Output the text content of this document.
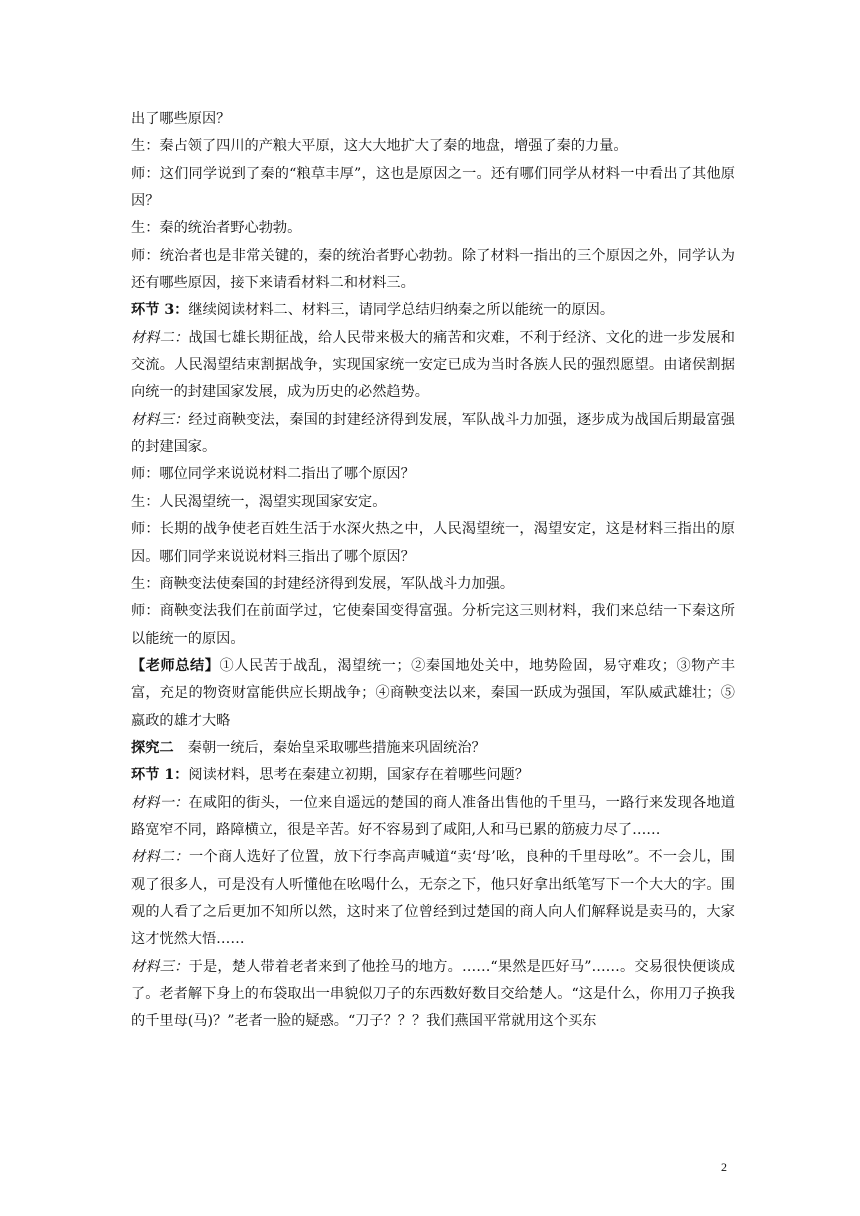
出了哪些原因？

生：秦占领了四川的产粮大平原，这大大地扩大了秦的地盘，增强了秦的力量。

师：这们同学说到了秦的“粮草丰厚”，这也是原因之一。还有哪们同学从材料一中看出了其他原因？

生：秦的统治者野心勃勃。

师：统治者也是非常关键的，秦的统治者野心勃勃。除了材料一指出的三个原因之外，同学认为还有哪些原因，接下来请看材料二和材料三。

环节 3：继续阅读材料二、材料三，请同学总结归纳秦之所以能统一的原因。

材料二：战国七雄长期征战，给人民带来极大的痛苦和灾难，不利于经济、文化的进一步发展和交流。人民渴望结束割据战争，实现国家统一安定已成为当时各族人民的强烈愿望。由诸侯割据向统一的封建国家发展，成为历史的必然趋势。

材料三：经过商鞅变法，秦国的封建经济得到发展，军队战斗力加强，逐步成为战国后期最富强的封建国家。

师：哪位同学来说说材料二指出了哪个原因？

生：人民渴望统一，渴望实现国家安定。

师：长期的战争使老百姓生活于水深火热之中，人民渴望统一，渴望安定，这是材料三指出的原因。哪们同学来说说材料三指出了哪个原因？

生：商鞅变法使秦国的封建经济得到发展，军队战斗力加强。

师：商鞅变法我们在前面学过，它使秦国变得富强。分析完这三则材料，我们来总结一下秦这所以能统一的原因。

【老师总结】①人民苦于战乱，渴望统一；②秦国地处关中，地势险固，易守难攻；③物产丰富，充足的物资财富能供应长期战争；④商鞅变法以来，秦国一跃成为强国，军队威武雄壮；⑤嬴政的雄才大略

探究二　秦朝一统后，秦始皇采取哪些措施来巩固统治？

环节 1：阅读材料，思考在秦建立初期，国家存在着哪些问题？

材料一：在咸阳的街头，一位来自遥远的楚国的商人准备出售他的千里马，一路行来发现各地道路宽窄不同，路障横立，很是辛苦。好不容易到了咸阳,人和马已累的筋疲力尽了……

材料二：一个商人选好了位置，放下行李高声喊道“卖‘母’吆，良种的千里母吆”。不一会儿，围观了很多人，可是没有人听懂他在吆喝什么，无奈之下，他只好拿出纸笔写下一个大大的字。围观的人看了之后更加不知所以然，这时来了位曾经到过楚国的商人向人们解释说是卖马的，大家这才恍然大悟……

材料三：于是，楚人带着老者来到了他拴马的地方。……“果然是匹好马”……。交易很快便谈成了。老者解下身上的布袋取出一串貌似刀子的东西数好数目交给楚人。“这是什么，你用刀子换我的千里母(马)？”老者一脸的疑惑。“刀子？？？我们燕国平常就用这个买东

2
